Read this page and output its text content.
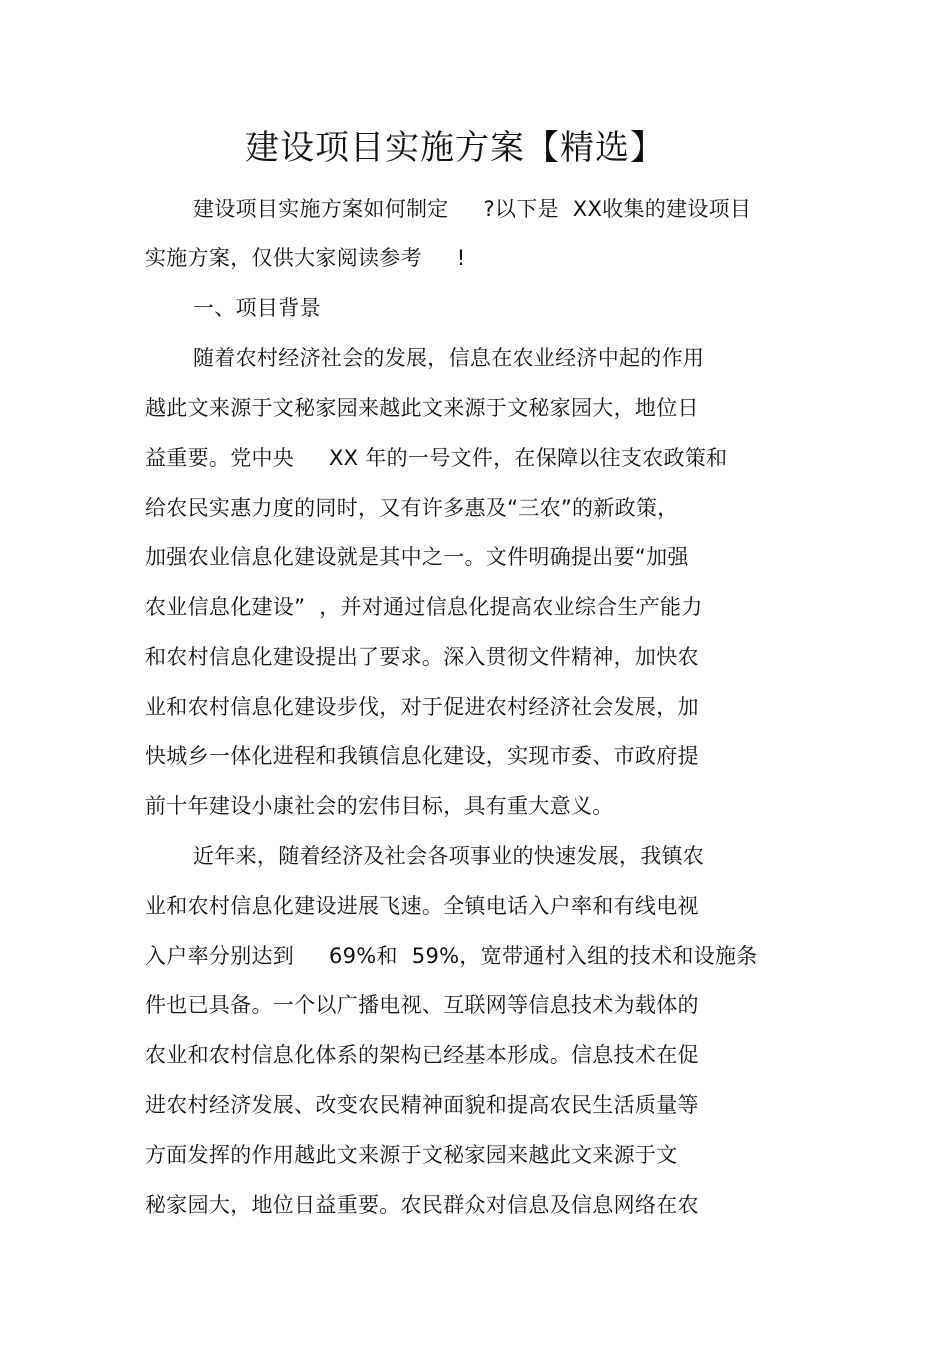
建设项目实施方案【精选】
建设项目实施方案如何制定     ?以下是  XX收集的建设项目
实施方案，仅供大家阅读参考     !
一、项目背景
随着农村经济社会的发展，信息在农业经济中起的作用
越此文来源于文秘家园来越此文来源于文秘家园大，地位日
益重要。党中央     XX 年的一号文件，在保障以往支农政策和
给农民实惠力度的同时，又有许多惠及“三农”的新政策，
加强农业信息化建设就是其中之一。文件明确提出要“加强
农业信息化建设”  ，并对通过信息化提高农业综合生产能力
和农村信息化建设提出了要求。深入贯彻文件精神，加快农
业和农村信息化建设步伐，对于促进农村经济社会发展，加
快城乡一体化进程和我镇信息化建设，实现市委、市政府提
前十年建设小康社会的宏伟目标，具有重大意义。
近年来，随着经济及社会各项事业的快速发展，我镇农
业和农村信息化建设进展飞速。全镇电话入户率和有线电视
入户率分别达到     69%和  59%，宽带通村入组的技术和设施条
件也已具备。一个以广播电视、互联网等信息技术为载体的
农业和农村信息化体系的架构已经基本形成。信息技术在促
进农村经济发展、改变农民精神面貌和提高农民生活质量等
方面发挥的作用越此文来源于文秘家园来越此文来源于文
秘家园大，地位日益重要。农民群众对信息及信息网络在农
